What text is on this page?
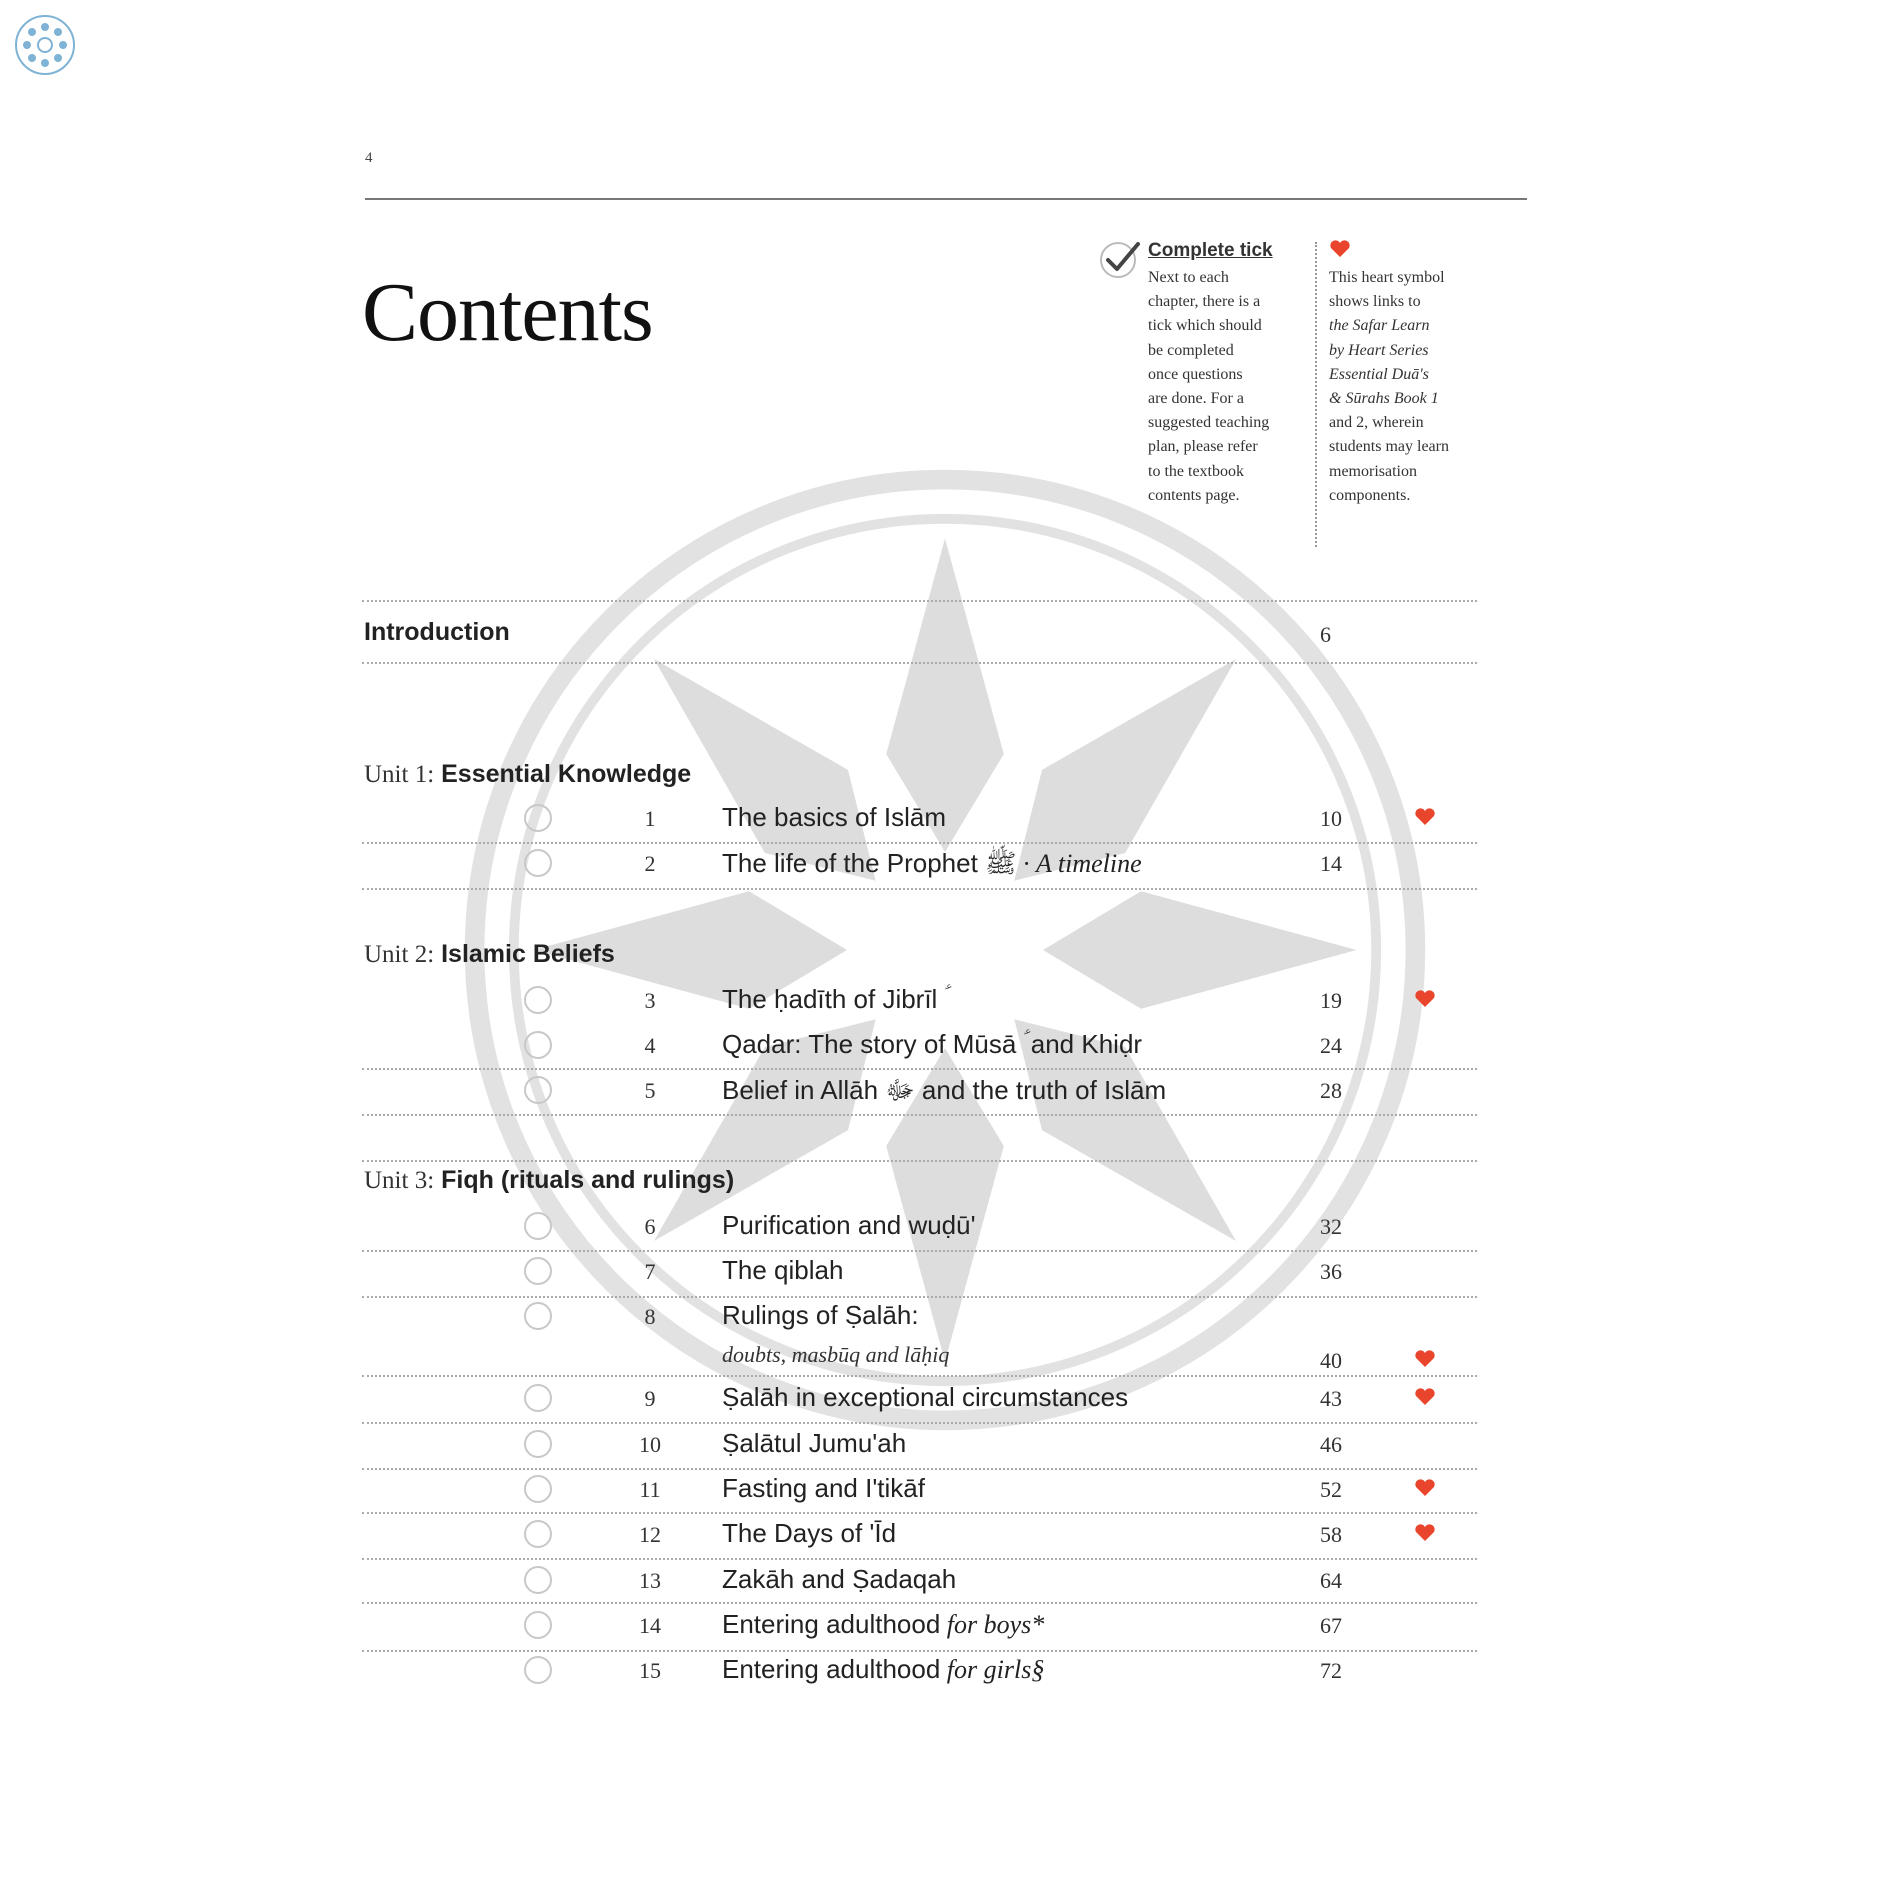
4
Contents
Complete tick
Next to each
chapter, there is a
tick which should
be completed
once questions
are done. For a
suggested teaching
plan, please refer
to the textbook
contents page.
This heart symbol
shows links to
the Safar Learn
by Heart Series
Essential Duā's
& Sūrahs Book 1
and 2, wherein
students may learn
memorisation
components.
Introduction	6
Unit 1: Essential Knowledge
Unit 2: Islamic Beliefs
Unit 3: Fiqh (rituals and rulings)
1	The basics of Islām	10
2	The life of the Prophet ﷺ · A timeline	14
3	The ḥadīth of Jibrīl ؑ	19
4	Qadar: The story of Mūsā ؑ and Khiḍr	24
5	Belief in Allāh ﷻ and the truth of Islām	28
6	Purification and wuḍū'	32
7	The qiblah	36
8	Rulings of Ṣalāh:
doubts, masbūq and lāḥiq	40
9	Ṣalāh in exceptional circumstances	43
10	Ṣalātul Jumu'ah	46
11	Fasting and I'tikāf	52
12	The Days of 'Īd	58
13	Zakāh and Ṣadaqah	64
14	Entering adulthood for boys*	67
15	Entering adulthood for girls§	72
